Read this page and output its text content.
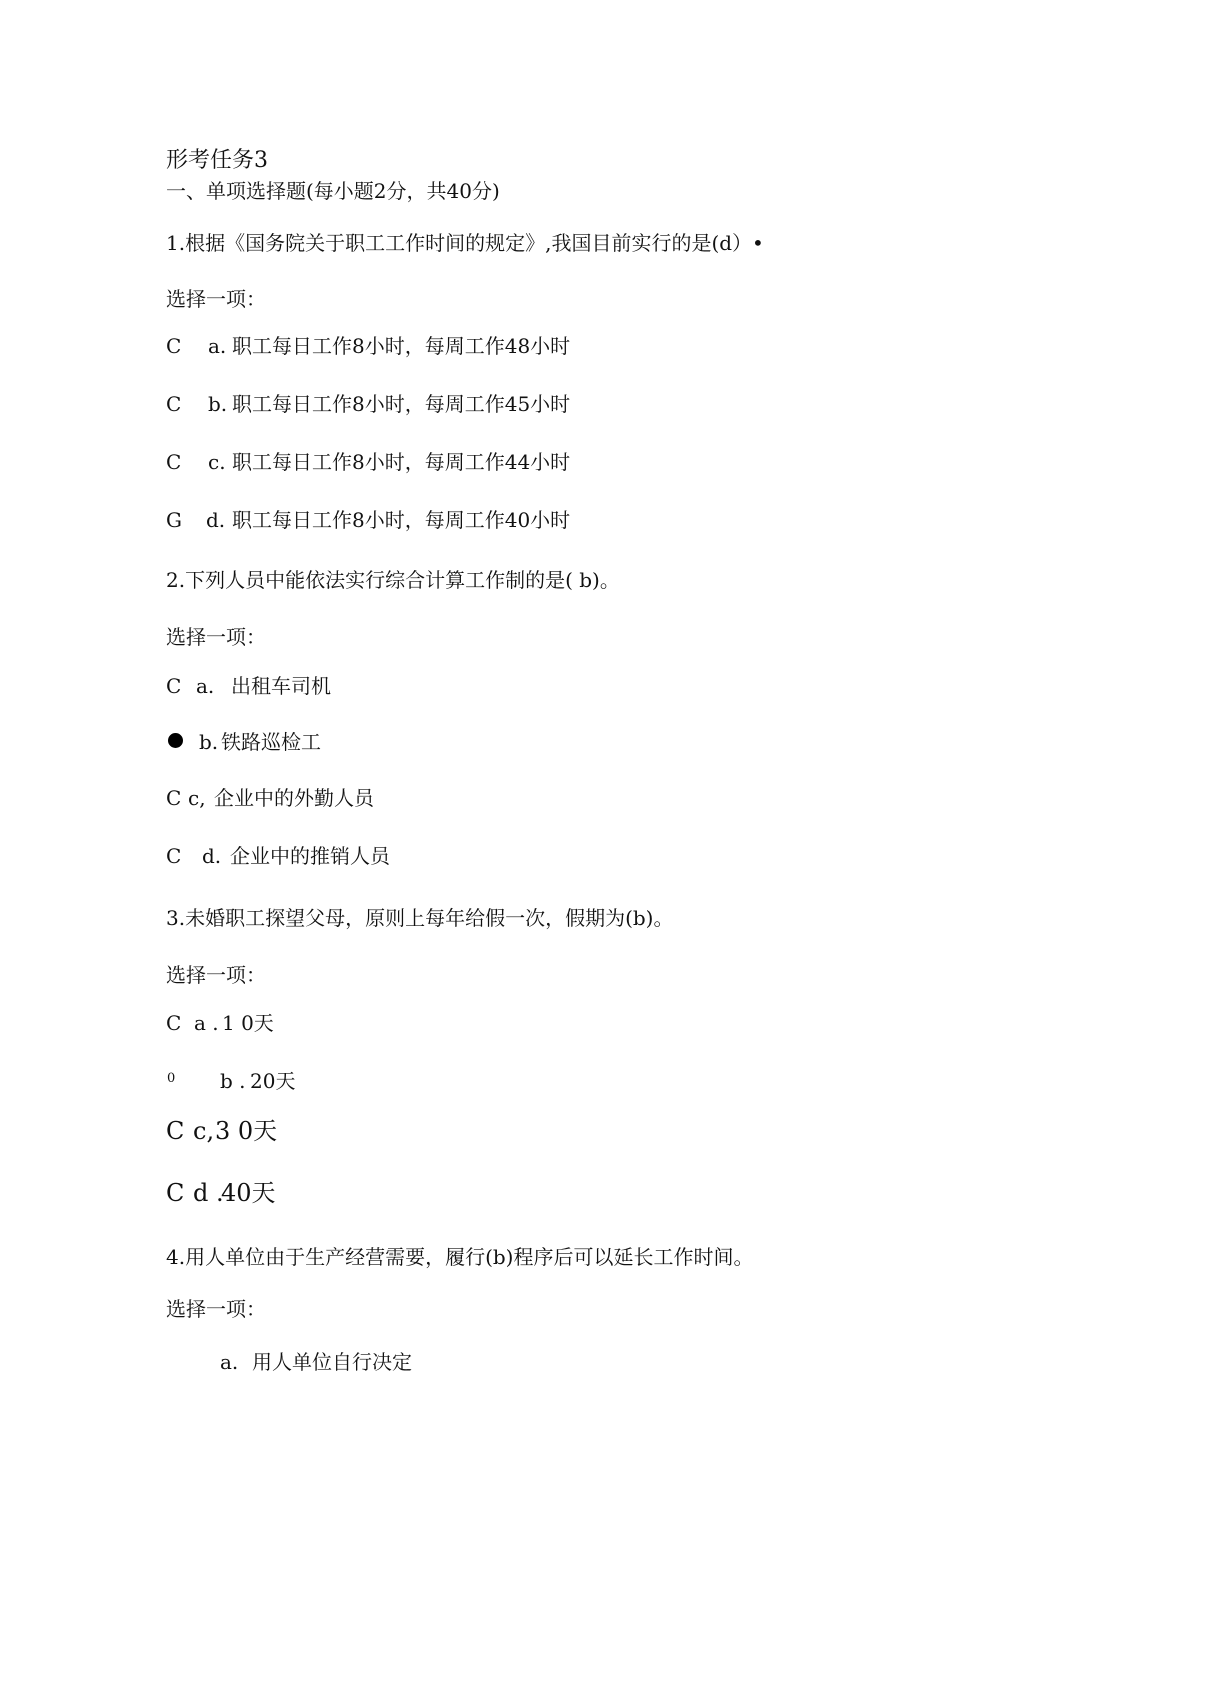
形考任务3
一、单项选择题(每小题2分，共40分)
1.根据《国务院关于职工工作时间的规定》,我国目前实行的是(d）•
选择一项：
C a. 职工每日工作8小时，每周工作48小时
C b. 职工每日工作8小时，每周工作45小时
C c. 职工每日工作8小时，每周工作44小时
G d. 职工每日工作8小时，每周工作40小时
2.下列人员中能依法实行综合计算工作制的是( b)。
选择一项：
C a. 出租车司机
b. 铁路巡检工
C c, 企业中的外勤人员
C d. 企业中的推销人员
3.未婚职工探望父母，原则上每年给假一次，假期为(b)。
选择一项：
C a . 1 0天
0 b . 20天
C c, 3 0天
C d .
40天
4.用人单位由于生产经营需要，履行(b)程序后可以延长工作时间。
选择一项：
a. 用人单位自行决定
